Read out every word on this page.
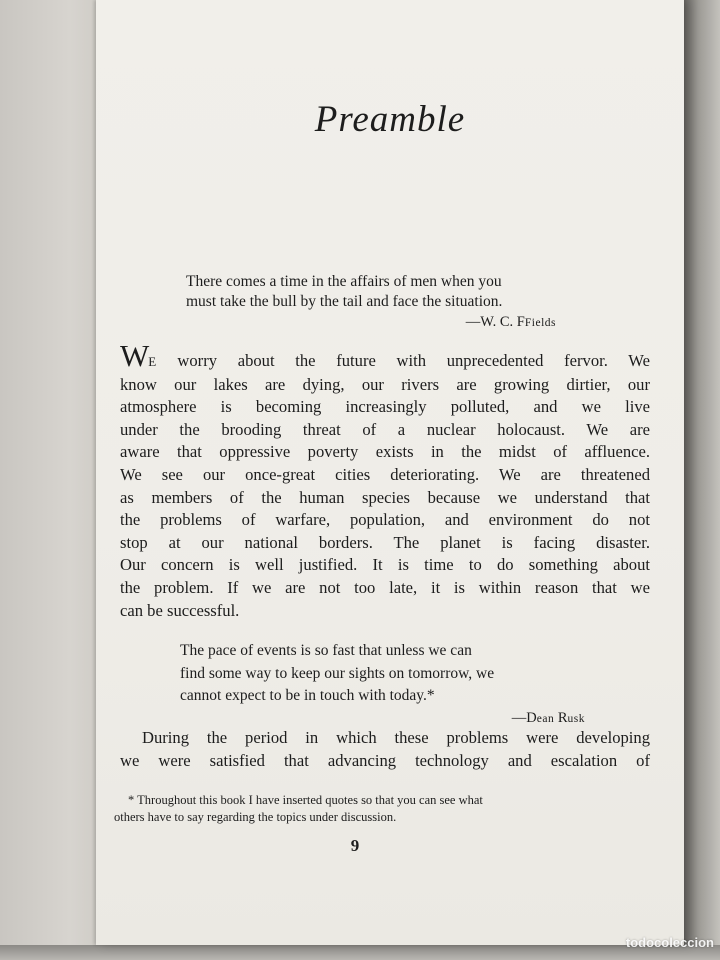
Preamble
There comes a time in the affairs of men when you
must take the bull by the tail and face the situation.
—W. C. FFields
WE worry about the future with unprecedented fervor. We
know our lakes are dying, our rivers are growing dirtier, our
atmosphere is becoming increasingly polluted, and we live
under the brooding threat of a nuclear holocaust. We are
aware that oppressive poverty exists in the midst of affluence.
We see our once-great cities deteriorating. We are threatened
as members of the human species because we understand that
the problems of warfare, population, and environment do not
stop at our national borders. The planet is facing disaster.
Our concern is well justified. It is time to do something about
the problem. If we are not too late, it is within reason that we
can be successful.
The pace of events is so fast that unless we can
find some way to keep our sights on tomorrow, we
cannot expect to be in touch with today.*
—Dean Rusk
During the period in which these problems were developing
we were satisfied that advancing technology and escalation of
* Throughout this book I have inserted quotes so that you can see what
others have to say regarding the topics under discussion.
9
todocoleccion
